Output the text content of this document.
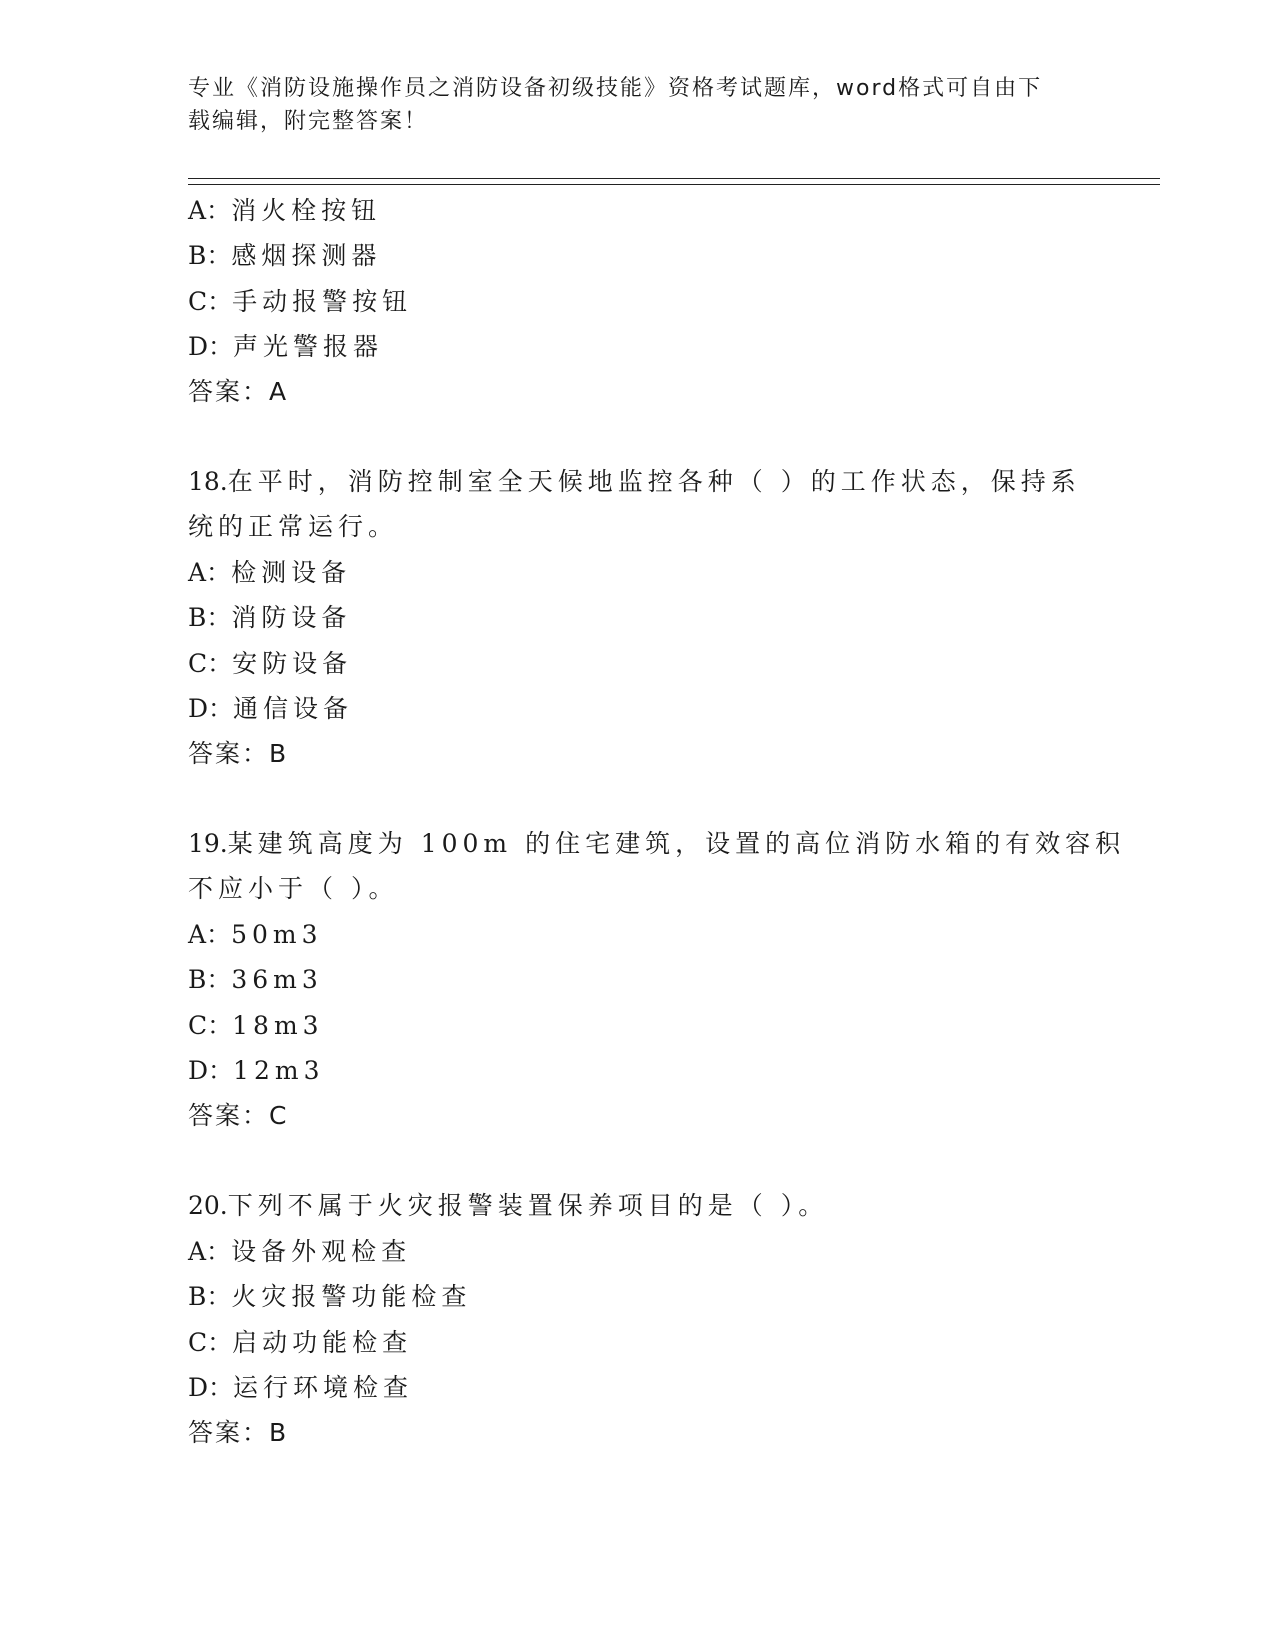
专业《消防设施操作员之消防设备初级技能》资格考试题库，word格式可自由下
载编辑，附完整答案！
A：消火栓按钮
B：感烟探测器
C：手动报警按钮
D：声光警报器
答案：A
18.在平时，消防控制室全天候地监控各种（ ）的工作状态，保持系
统的正常运行。
A：检测设备
B：消防设备
C：安防设备
D：通信设备
答案：B
19.某建筑高度为 100m 的住宅建筑，设置的高位消防水箱的有效容积
不应小于（ ）。
A：50m3
B：36m3
C：18m3
D：12m3
答案：C
20.下列不属于火灾报警装置保养项目的是（ ）。
A：设备外观检查
B：火灾报警功能检查
C：启动功能检查
D：运行环境检查
答案：B
